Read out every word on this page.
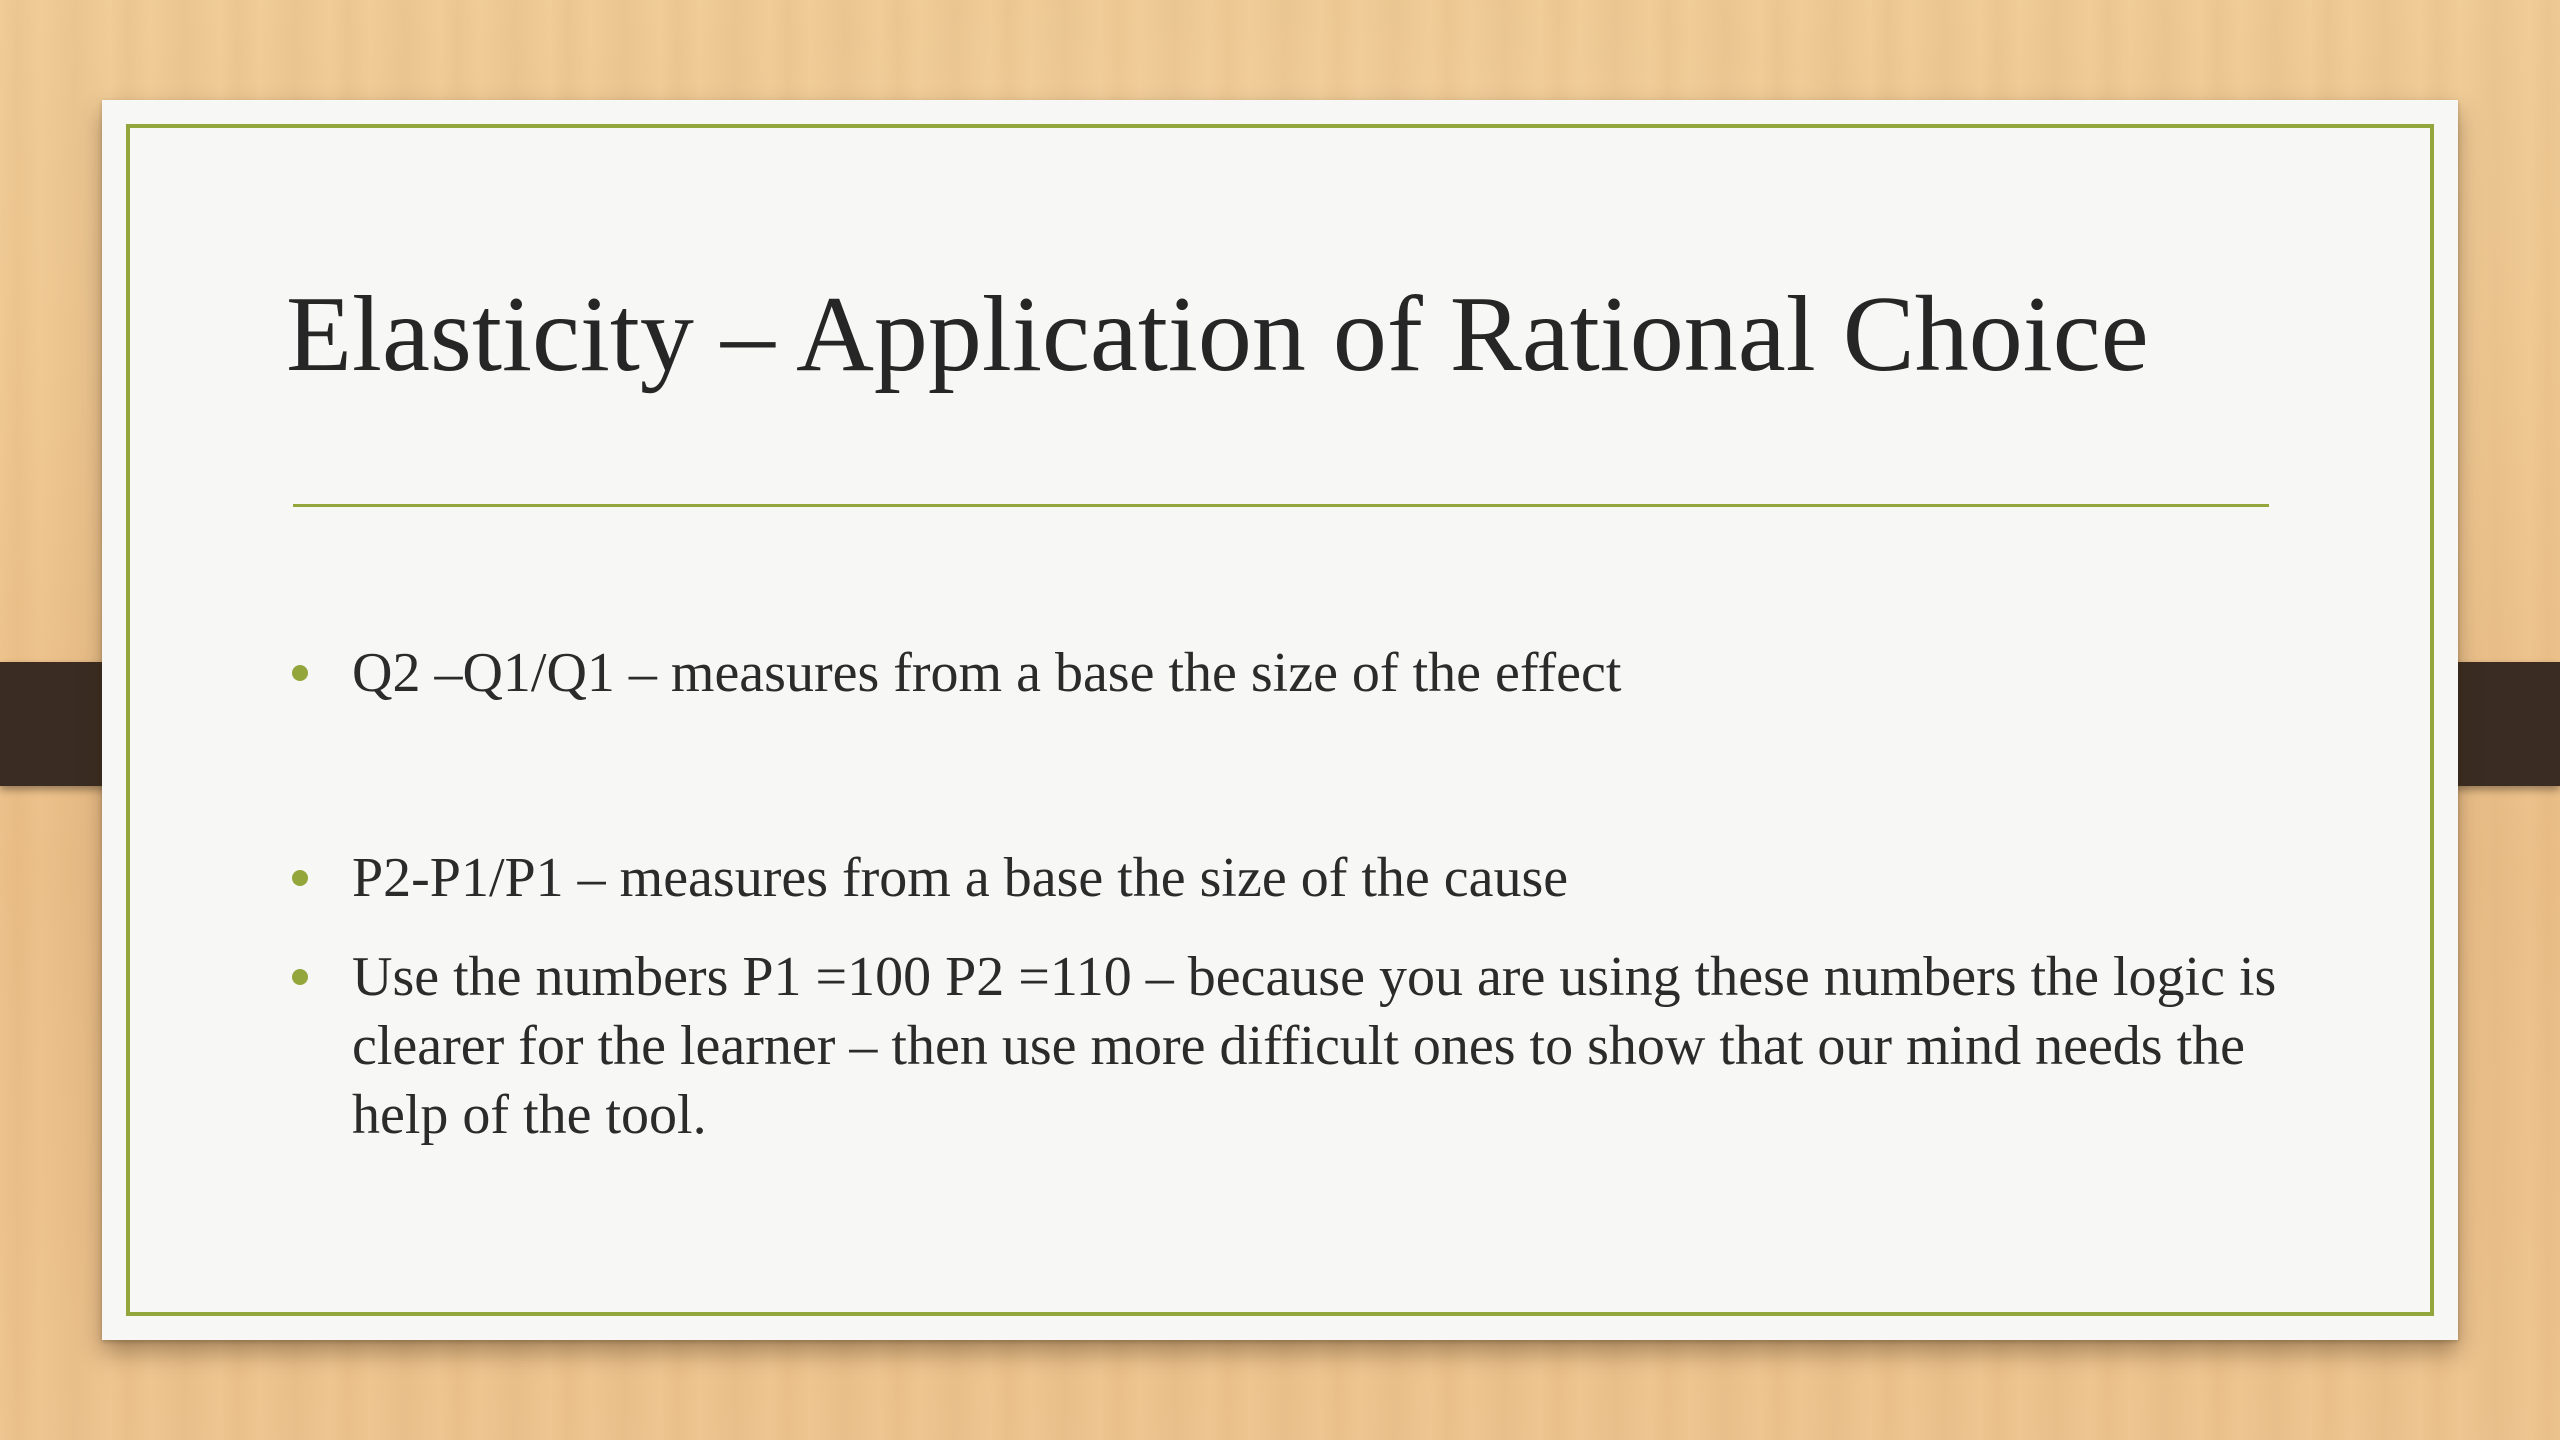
Elasticity – Application of Rational Choice
Q2 –Q1/Q1 – measures from a base the size of the effect
P2-P1/P1 – measures from a base the size of the cause
Use the numbers P1 =100 P2 =110 – because you are using these numbers the logic is clearer for the learner – then use more difficult ones to show that our mind needs the help of the tool.
